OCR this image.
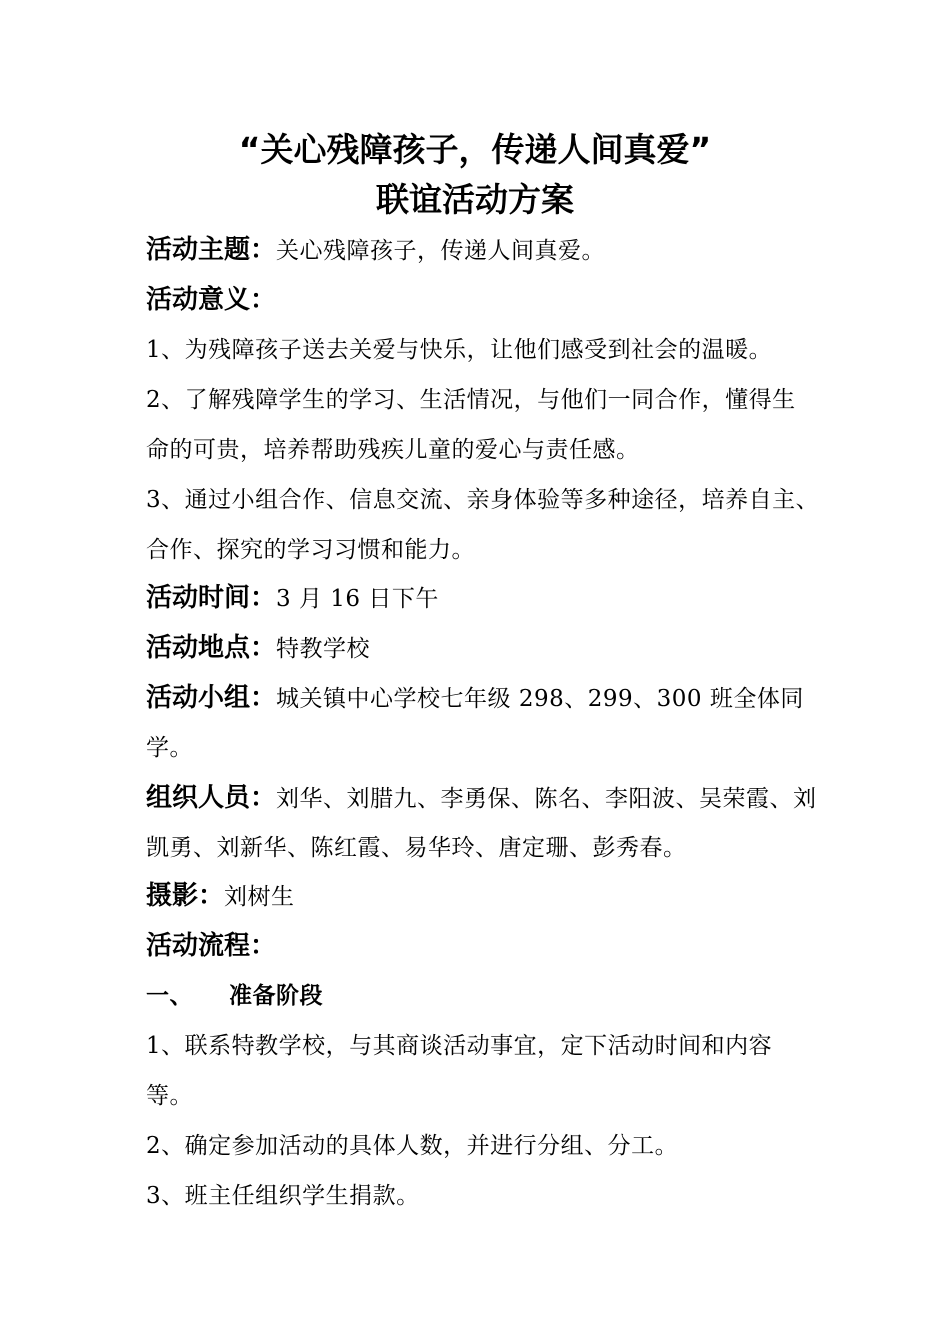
“关心残障孩子，传递人间真爱”
联谊活动方案
活动主题：关心残障孩子，传递人间真爱。
活动意义：
1、为残障孩子送去关爱与快乐，让他们感受到社会的温暖。
2、了解残障学生的学习、生活情况，与他们一同合作，懂得生
命的可贵，培养帮助残疾儿童的爱心与责任感。
3、通过小组合作、信息交流、亲身体验等多种途径，培养自主、
合作、探究的学习习惯和能力。
活动时间：3 月 16 日下午
活动地点：特教学校
活动小组：城关镇中心学校七年级 298、299、300 班全体同
学。
组织人员：刘华、刘腊九、李勇保、陈名、李阳波、吴荣霞、刘
凯勇、刘新华、陈红霞、易华玲、唐定珊、彭秀春。
摄影：刘树生
活动流程：
一、 准备阶段
1、联系特教学校，与其商谈活动事宜，定下活动时间和内容
等。
2、确定参加活动的具体人数，并进行分组、分工。
3、班主任组织学生捐款。
